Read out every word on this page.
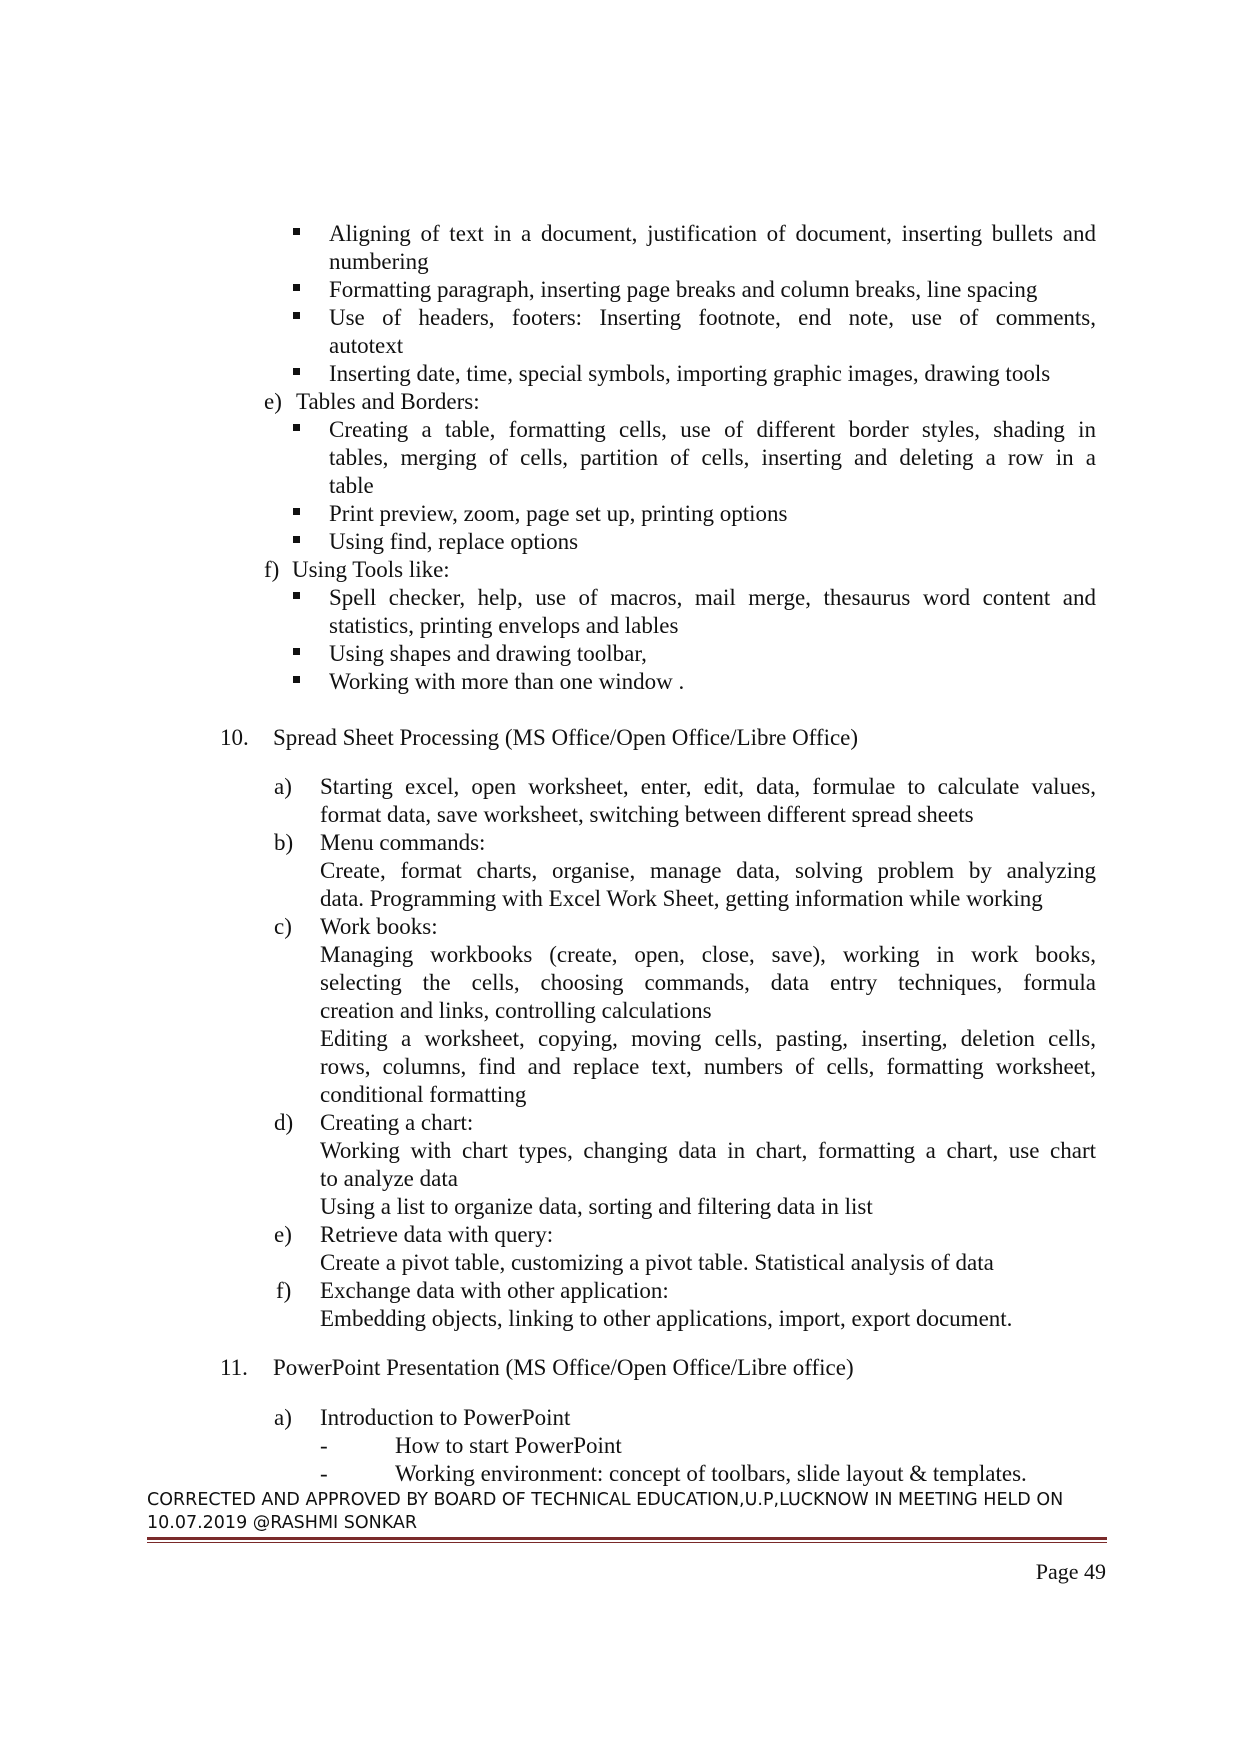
Aligning of text in a document, justification of document, inserting bullets and
numbering
Formatting paragraph, inserting page breaks and column breaks, line spacing
Use of headers, footers: Inserting footnote, end note, use of comments,
autotext
Inserting date, time, special symbols, importing graphic images, drawing tools
e) Tables and Borders:
Creating a table, formatting cells, use of different border styles, shading in
tables, merging of cells, partition of cells, inserting and deleting a row in a
table
Print preview, zoom, page set up, printing options
Using find, replace options
f) Using Tools like:
Spell checker, help, use of macros, mail merge, thesaurus word content and
statistics, printing envelops and lables
Using shapes and drawing toolbar,
Working with more than one window .
10. Spread Sheet Processing (MS Office/Open Office/Libre Office)
a) Starting excel, open worksheet, enter, edit, data, formulae to calculate values,
format data, save worksheet, switching between different spread sheets
b) Menu commands:
Create, format charts, organise, manage data, solving problem by analyzing
data. Programming with Excel Work Sheet, getting information while working
c) Work books:
Managing workbooks (create, open, close, save), working in work books,
selecting the cells, choosing commands, data entry techniques, formula
creation and links, controlling calculations
Editing a worksheet, copying, moving cells, pasting, inserting, deletion cells,
rows, columns, find and replace text, numbers of cells, formatting worksheet,
conditional formatting
d) Creating a chart:
Working with chart types, changing data in chart, formatting a chart, use chart
to analyze data
Using a list to organize data, sorting and filtering data in list
e) Retrieve data with query:
Create a pivot table, customizing a pivot table. Statistical analysis of data
f) Exchange data with other application:
Embedding objects, linking to other applications, import, export document.
11. PowerPoint Presentation (MS Office/Open Office/Libre office)
a) Introduction to PowerPoint
-	How to start PowerPoint
-	Working environment: concept of toolbars, slide layout & templates.
CORRECTED AND APPROVED BY BOARD OF TECHNICAL EDUCATION,U.P,LUCKNOW IN MEETING HELD ON
10.07.2019 @RASHMI SONKAR
Page 49
